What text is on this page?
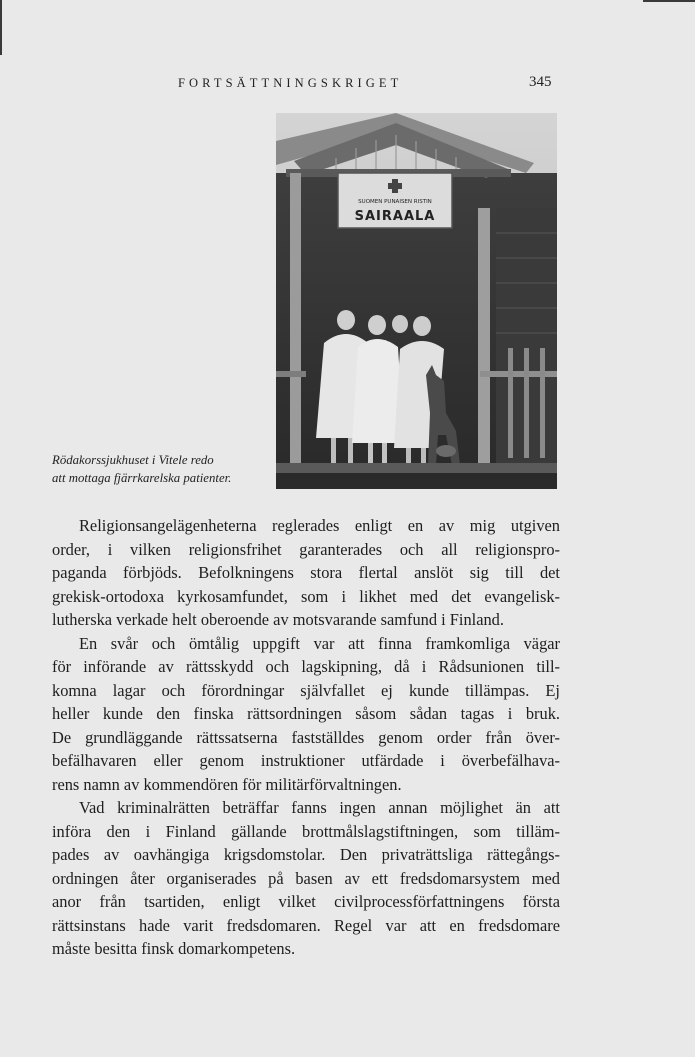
FORTSÄTTNINGSKRIGET	345
SUOMEN PUNAISEN RISTIN
SAIRAALA
Rödakorssjukhuset i Vitele redo
att mottaga fjärrkarelska patienter.
Religionsangelägenheterna reglerades enligt en av mig utgiven
order, i vilken religionsfrihet garanterades och all religionspro-
paganda förbjöds. Befolkningens stora flertal anslöt sig till det
grekisk-ortodoxa kyrkosamfundet, som i likhet med det evangelisk-
lutherska verkade helt oberoende av motsvarande samfund i Finland.
En svår och ömtålig uppgift var att finna framkomliga vägar
för införande av rättsskydd och lagskipning, då i Rådsunionen till-
komna lagar och förordningar självfallet ej kunde tillämpas. Ej
heller kunde den finska rättsordningen såsom sådan tagas i bruk.
De grundläggande rättssatserna fastställdes genom order från över-
befälhavaren eller genom instruktioner utfärdade i överbefälhava-
rens namn av kommendören för militärförvaltningen.
Vad kriminalrätten beträffar fanns ingen annan möjlighet än att
införa den i Finland gällande brottmålslagstiftningen, som tilläm-
pades av oavhängiga krigsdomstolar. Den privaträttsliga rättegångs-
ordningen åter organiserades på basen av ett fredsdomarsystem med
anor från tsartiden, enligt vilket civilprocessförfattningens första
rättsinstans hade varit fredsdomaren. Regel var att en fredsdomare
måste besitta finsk domarkompetens.
